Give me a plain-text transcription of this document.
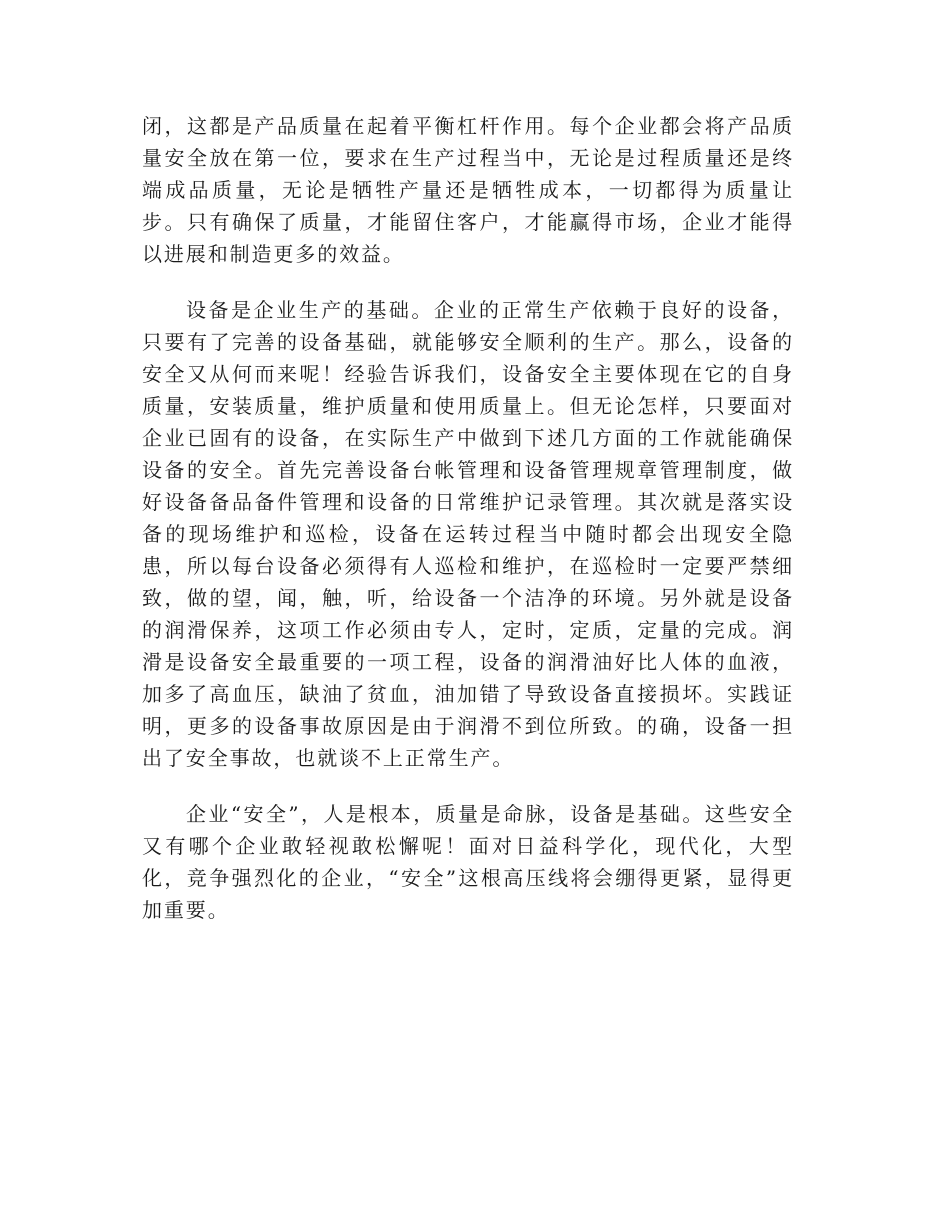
闭，这都是产品质量在起着平衡杠杆作用。每个企业都会将产品质量安全放在第一位，要求在生产过程当中，无论是过程质量还是终端成品质量，无论是牺牲产量还是牺牲成本，一切都得为质量让步。只有确保了质量，才能留住客户，才能赢得市场，企业才能得以进展和制造更多的效益。

设备是企业生产的基础。企业的正常生产依赖于良好的设备，只要有了完善的设备基础，就能够安全顺利的生产。那么，设备的安全又从何而来呢！经验告诉我们，设备安全主要体现在它的自身质量，安装质量，维护质量和使用质量上。但无论怎样，只要面对企业已固有的设备，在实际生产中做到下述几方面的工作就能确保设备的安全。首先完善设备台帐管理和设备管理规章管理制度，做好设备备品备件管理和设备的日常维护记录管理。其次就是落实设备的现场维护和巡检，设备在运转过程当中随时都会出现安全隐患，所以每台设备必须得有人巡检和维护，在巡检时一定要严禁细致，做的望，闻，触，听，给设备一个洁净的环境。另外就是设备的润滑保养，这项工作必须由专人，定时，定质，定量的完成。润滑是设备安全最重要的一项工程，设备的润滑油好比人体的血液，加多了高血压，缺油了贫血，油加错了导致设备直接损坏。实践证明，更多的设备事故原因是由于润滑不到位所致。的确，设备一担出了安全事故，也就谈不上正常生产。

企业“安全”，人是根本，质量是命脉，设备是基础。这些安全又有哪个企业敢轻视敢松懈呢！面对日益科学化，现代化，大型化，竞争强烈化的企业，“安全”这根高压线将会绷得更紧，显得更加重要。
